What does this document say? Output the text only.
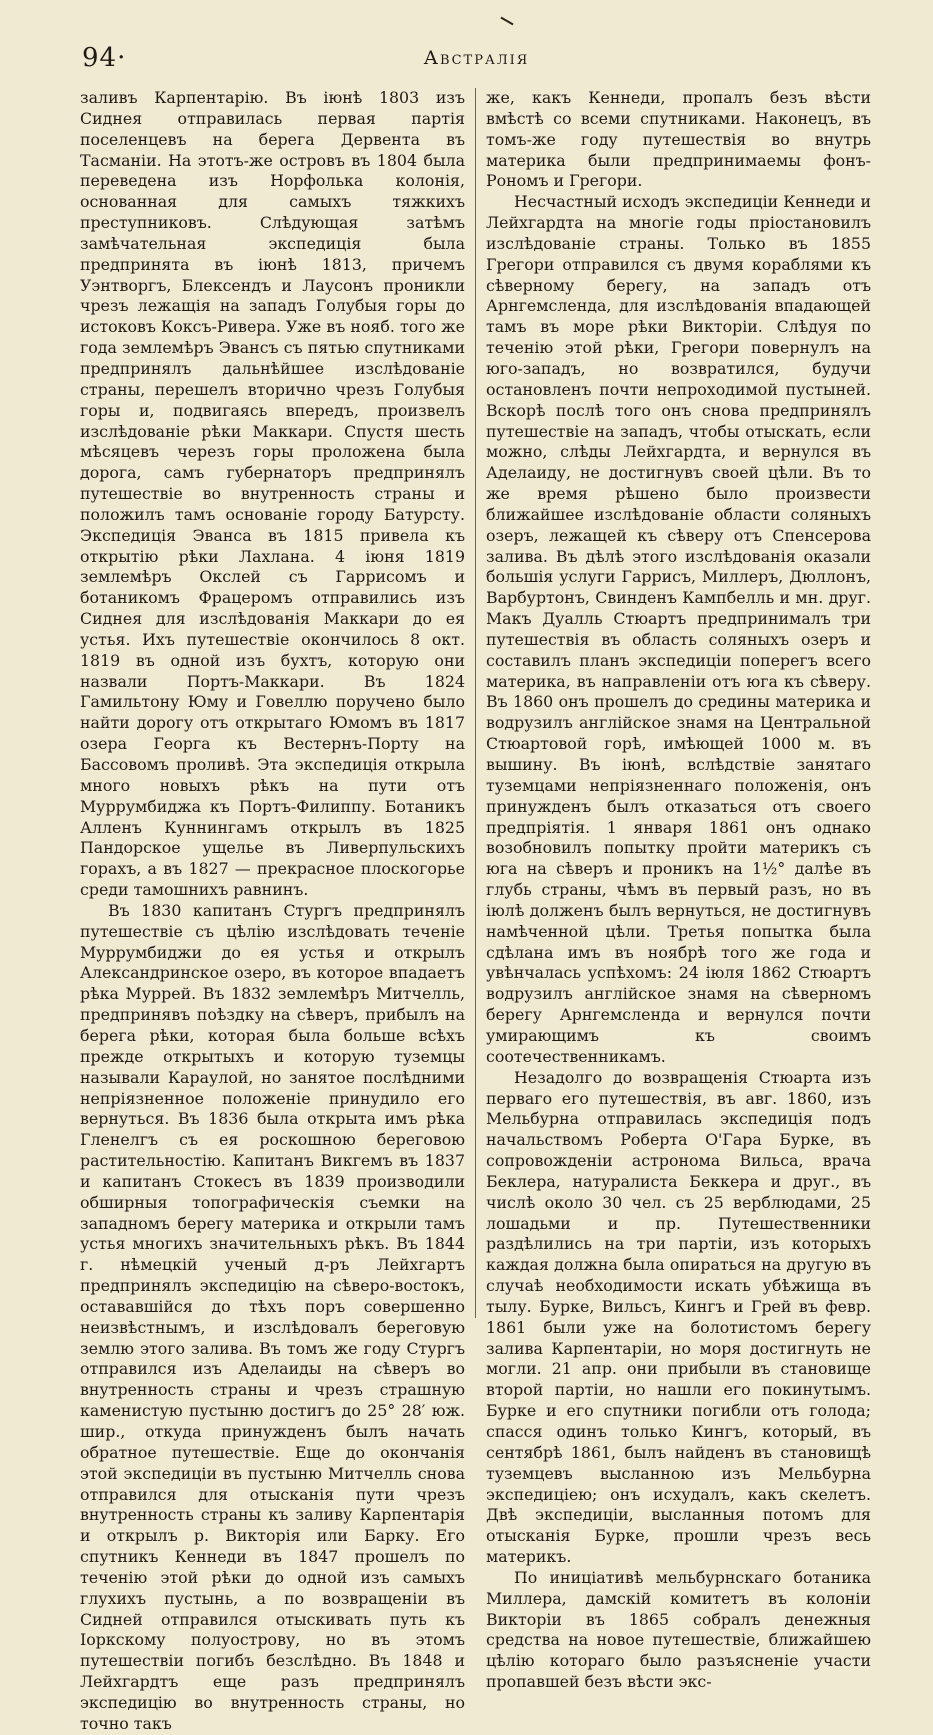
94·	Австралія

заливъ Карпентарію. Въ іюнѣ 1803 изъ Сиднея отправилась первая партія поселенцевъ на берега Дервента въ Тасманіи. На этотъ-же островъ въ 1804 была переведена изъ Норфолька колонія, основанная для самыхъ тяжкихъ преступниковъ. Слѣдующая затѣмъ замѣчательная экспедиція была предпринята въ іюнѣ 1813, причемъ Уэнтворгъ, Блексендъ и Лаусонъ проникли чрезъ лежащія на западъ Голубыя горы до истоковъ Коксъ-Ривера. Уже въ нояб. того же года землемѣръ Эвансъ съ пятью спутниками предпринялъ дальнѣйшее изслѣдованіе страны, перешелъ вторично чрезъ Голубыя горы и, подвигаясь впередъ, произвелъ изслѣдованіе рѣки Маккари. Спустя шесть мѣсяцевъ черезъ горы проложена была дорога, самъ губернаторъ предпринялъ путешествіе во внутренность страны и положилъ тамъ основаніе городу Батурсту. Экспедиція Эванса въ 1815 привела къ открытію рѣки Лахлана. 4 іюня 1819 землемѣръ Окслей съ Гаррисомъ и ботаникомъ Фрацеромъ отправились изъ Сиднея для изслѣдованія Маккари до ея устья. Ихъ путешествіе окончилось 8 окт. 1819 въ одной изъ бухтъ, которую они назвали Портъ-Маккари. Въ 1824 Гамильтону Юму и Говеллю поручено было найти дорогу отъ открытаго Юмомъ въ 1817 озера Георга къ Вестернъ-Порту на Бассовомъ проливѣ. Эта экспедиція открыла много новыхъ рѣкъ на пути отъ Муррумбиджа къ Портъ-Филиппу. Ботаникъ Алленъ Куннингамъ открылъ въ 1825 Пандорское ущелье въ Ливерпульскихъ горахъ, а въ 1827 — прекрасное плоскогорье среди тамошнихъ равнинъ.

Въ 1830 капитанъ Стургъ предпринялъ путешествіе съ цѣлію изслѣдовать теченіе Муррумбиджи до ея устья и открылъ Александринское озеро, въ которое впадаетъ рѣка Муррей. Въ 1832 землемѣръ Митчелль, предпринявъ поѣздку на сѣверъ, прибылъ на берега рѣки, которая была больше всѣхъ прежде открытыхъ и которую туземцы называли Караулой, но занятое послѣдними непріязненное положеніе принудило его вернуться. Въ 1836 была открыта имъ рѣка Гленелгъ съ ея роскошною береговою растительностію. Капитанъ Викгемъ въ 1837 и капитанъ Стокесъ въ 1839 производили обширныя топографическія съемки на западномъ берегу материка и открыли тамъ устья многихъ значительныхъ рѣкъ. Въ 1844 г. нѣмецкій ученый д-ръ Лейхгартъ предпринялъ экспедицію на сѣверо-востокъ, остававшійся до тѣхъ поръ совершенно неизвѣстнымъ, и изслѣдовалъ береговую землю этого залива. Въ томъ же году Стургъ отправился изъ Аделаиды на сѣверъ во внутренность страны и чрезъ страшную каменистую пустыню достигъ до 25° 28′ юж. шир., откуда принужденъ былъ начать обратное путешествіе. Еще до окончанія этой экспедиціи въ пустыню Митчелль снова отправился для отысканія пути чрезъ внутренность страны къ заливу Карпентарія и открылъ р. Викторія или Барку. Его спутникъ Кеннеди въ 1847 прошелъ по теченію этой рѣки до одной изъ самыхъ глухихъ пустынь, а по возвращеніи въ Сидней отправился отыскивать путь къ Іоркскому полуострову, но въ этомъ путешествіи погибъ безслѣдно. Въ 1848 и Лейхгардтъ еще разъ предпринялъ экспедицію во внутренность страны, но точно такъ

же, какъ Кеннеди, пропалъ безъ вѣсти вмѣстѣ со всеми спутниками. Наконецъ, въ томъ-же году путешествія во внутрь материка были предпринимаемы фонъ-Рономъ и Грегори.

Несчастный исходъ экспедиціи Кеннеди и Лейхгардта на многіе годы пріостановилъ изслѣдованіе страны. Только въ 1855 Грегори отправился съ двумя кораблями къ сѣверному берегу, на западъ отъ Арнгемсленда, для изслѣдованія впадающей тамъ въ море рѣки Викторіи. Слѣдуя по теченію этой рѣки, Грегори повернулъ на юго-западъ, но возвратился, будучи остановленъ почти непроходимой пустыней. Вскорѣ послѣ того онъ снова предпринялъ путешествіе на западъ, чтобы отыскать, если можно, слѣды Лейхгардта, и вернулся въ Аделаиду, не достигнувъ своей цѣли. Въ то же время рѣшено было произвести ближайшее изслѣдованіе области соляныхъ озеръ, лежащей къ сѣверу отъ Спенсерова залива. Въ дѣлѣ этого изслѣдованія оказали большія услуги Гаррисъ, Миллеръ, Дюллонъ, Варбуртонъ, Свинденъ Кампбелль и мн. друг. Макъ Дуалль Стюартъ предпринималъ три путешествія въ область соляныхъ озеръ и составилъ планъ экспедиціи поперегъ всего материка, въ направленіи отъ юга къ сѣверу. Въ 1860 онъ прошелъ до средины материка и водрузилъ англійское знамя на Центральной Стюартовой горѣ, имѣющей 1000 м. въ вышину. Въ іюнѣ, вслѣдствіе занятаго туземцами непріязненнаго положенія, онъ принужденъ былъ отказаться отъ своего предпріятія. 1 января 1861 онъ однако возобновилъ попытку пройти материкъ съ юга на сѣверъ и проникъ на 1½° далѣе въ глубь страны, чѣмъ въ первый разъ, но въ іюлѣ долженъ былъ вернуться, не достигнувъ намѣченной цѣли. Третья попытка была сдѣлана имъ въ ноябрѣ того же года и увѣнчалась успѣхомъ: 24 іюля 1862 Стюартъ водрузилъ англійское знамя на сѣверномъ берегу Арнгемсленда и вернулся почти умирающимъ къ своимъ соотечественникамъ.

Незадолго до возвращенія Стюарта изъ перваго его путешествія, въ авг. 1860, изъ Мельбурна отправилась экспедиція подъ начальствомъ Роберта О'Гара Бурке, въ сопровожденіи астронома Вильса, врача Беклера, натуралиста Беккера и друг., въ числѣ около 30 чел. съ 25 верблюдами, 25 лошадьми и пр. Путешественники раздѣлились на три партіи, изъ которыхъ каждая должна была опираться на другую въ случаѣ необходимости искать убѣжища въ тылу. Бурке, Вильсъ, Кингъ и Грей въ февр. 1861 были уже на болотистомъ берегу залива Карпентаріи, но моря достигнуть не могли. 21 апр. они прибыли въ становище второй партіи, но нашли его покинутымъ. Бурке и его спутники погибли отъ голода; спасся одинъ только Кингъ, который, въ сентябрѣ 1861, былъ найденъ въ становищѣ туземцевъ высланною изъ Мельбурна экспедиціею; онъ исхудалъ, какъ скелетъ. Двѣ экспедиціи, высланныя потомъ для отысканія Бурке, прошли чрезъ весь материкъ.

По иниціативѣ мельбурнскаго ботаника Миллера, дамскій комитетъ въ колоніи Викторіи въ 1865 собралъ денежныя средства на новое путешествіе, ближайшею цѣлію котораго было разъясненіе участи пропавшей безъ вѣсти экс-
